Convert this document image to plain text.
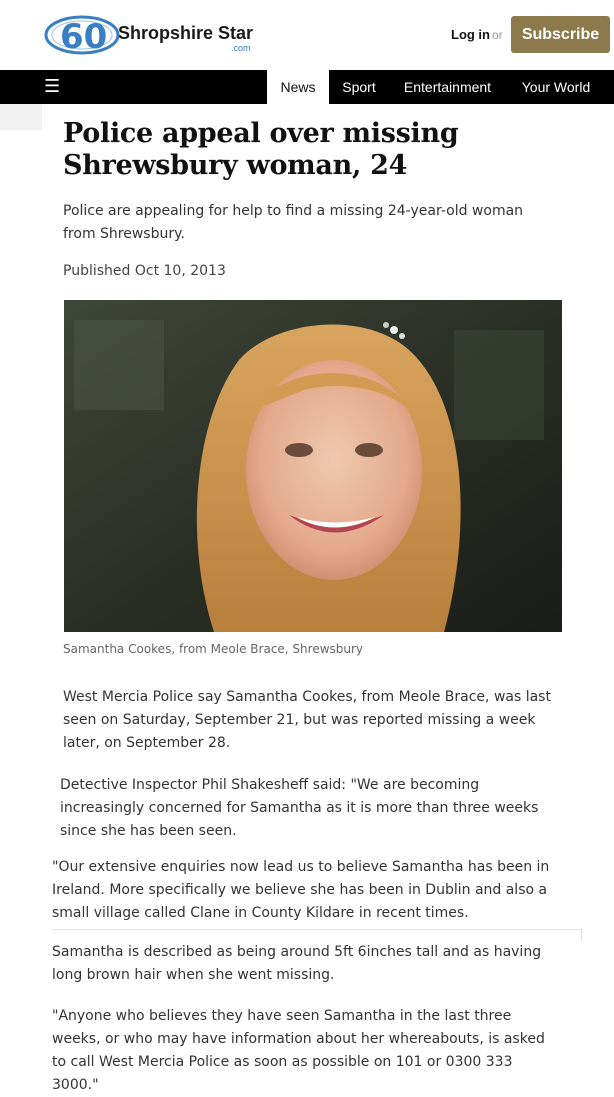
60 Shropshire Star
.com
Log in or	Subscribe
☰	News	Sport	Entertainment	Your World
Police appeal over missing Shrewsbury woman, 24

Police are appealing for help to find a missing 24-year-old woman from Shrewsbury.

Published Oct 10, 2013
Samantha Cookes, from Meole Brace, Shrewsbury

West Mercia Police say Samantha Cookes, from Meole Brace, was last seen on Saturday, September 21, but was reported missing a week later, on September 28.

Detective Inspector Phil Shakesheff said: "We are becoming increasingly concerned for Samantha as it is more than three weeks since she has been seen.

"Our extensive enquiries now lead us to believe Samantha has been in Ireland. More specifically we believe she has been in Dublin and also a small village called Clane in County Kildare in recent times.

Samantha is described as being around 5ft 6inches tall and as having long brown hair when she went missing.

"Anyone who believes they have seen Samantha in the last three weeks, or who may have information about her whereabouts, is asked to call West Mercia Police as soon as possible on 101 or 0300 333 3000."
